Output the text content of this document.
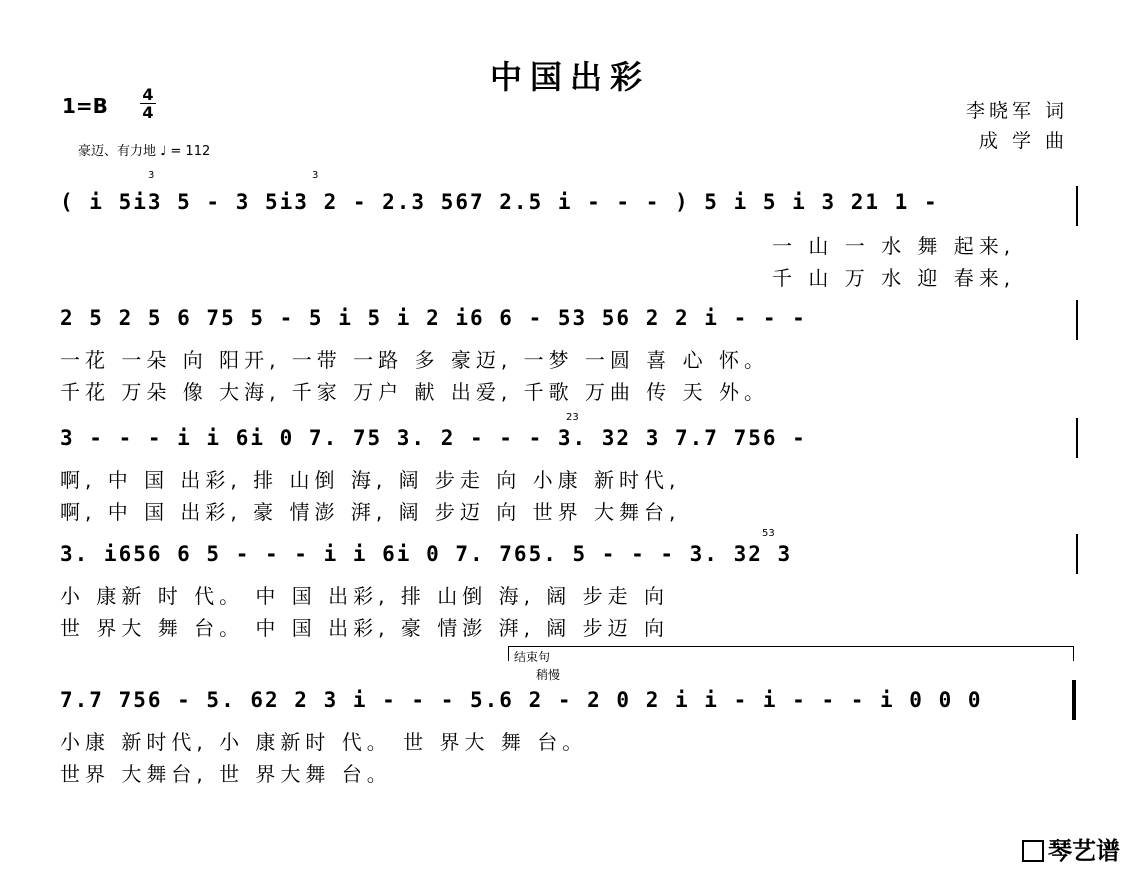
中国出彩
1=B 4
4
豪迈、有力地 ♩ = 112
李晓军 词
成 学 曲
( i 5i3 5 - 3 5i3 2 - 2.3 567 2.5 i - - - ) 5 i 5 i 3 21 1 -
一 山 一 水 舞 起来,
千 山 万 水 迎 春来,
3	3
2 5 2 5 6 75 5 - 5 i 5 i 2 i6 6 - 53 56 2 2 i - - -
一花 一朵 向 阳开, 一带 一路 多 豪迈, 一梦 一圆 喜 心 怀。
千花 万朵 像 大海, 千家 万户 献 出爱, 千歌 万曲 传 天 外。
3 - - - i i 6i 0 7. 75 3. 2 - - - 3. 32 3 7.7 756 -
啊, 中 国 出彩, 排 山倒 海, 阔 步走 向 小康 新时代,
啊, 中 国 出彩, 豪 情澎 湃, 阔 步迈 向 世界 大舞台,
23
3. i656 6 5 - - - i i 6i 0 7. 765. 5 - - - 3. 32 3
小 康新 时 代。 中 国 出彩, 排 山倒 海, 阔 步走 向
世 界大 舞 台。 中 国 出彩, 豪 情澎 湃, 阔 步迈 向
53
结束句
稍慢
7.7 756 - 5. 62 2 3 i - - - 5.6 2 - 2 0 2 i i - i - - - i 0 0 0
小康 新时代, 小 康新时 代。 世 界大 舞 台。
世界 大舞台, 世 界大舞 台。
琴艺谱
